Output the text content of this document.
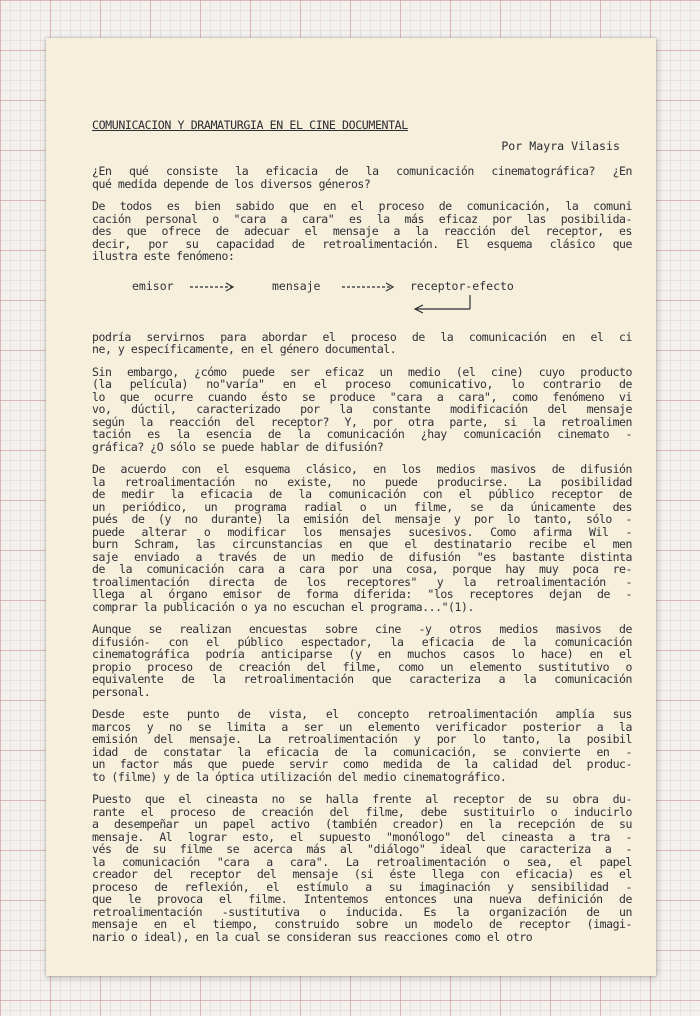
COMUNICACION Y DRAMATURGIA EN EL CINE DOCUMENTAL
Por Mayra Vilasis
¿En qué consiste la eficacia de la comunicación cinematográfica? ¿En
qué medida depende de los diversos géneros?
De todos es bien sabido que en el proceso de comunicación, la comuni
cación personal o "cara a cara" es la más eficaz por las posibilida-
des que ofrece de adecuar el mensaje a la reacción del receptor, es
decir, por su capacidad de retroalimentación. El esquema clásico que
ilustra este fenómeno:
emisor	mensaje	receptor-efecto
podría servirnos para abordar el proceso de la comunicación en el ci
ne, y específicamente, en el género documental.
Sin embargo, ¿cómo puede ser eficaz un medio (el cine) cuyo producto
(la película) no"varía" en el proceso comunicativo, lo contrario de
lo que ocurre cuando ésto se produce "cara a cara", como fenómeno vi
vo, dúctil, caracterizado por la constante modificación del mensaje
según la reacción del receptor? Y, por otra parte, si la retroalimen
tación es la esencia de la comunicación ¿hay comunicación cinemato -
gráfica? ¿O sólo se puede hablar de difusión?
De acuerdo con el esquema clásico, en los medios masivos de difusión
la retroalimentación no existe, no puede producirse. La posibilidad
de medir la eficacia de la comunicación con el público receptor de
un periódico, un programa radial o un filme, se da únicamente des
pués de (y no durante) la emisión del mensaje y por lo tanto, sólo -
puede alterar o modificar los mensajes sucesivos. Como afirma Wil -
burn Schram, las circunstancias en que el destinatario recibe el men
saje enviado a través de un medio de difusión "es bastante distinta
de la comunicación cara a cara por una cosa, porque hay muy poca re-
troalimentación directa de los receptores" y la retroalimentación -
llega al órgano emisor de forma diferida: "los receptores dejan de -
comprar la publicación o ya no escuchan el programa..."(1).
Aunque se realizan encuestas sobre cine -y otros medios masivos de
difusión- con el público espectador, la eficacia de la comunicación
cinematográfica podría anticiparse (y en muchos casos lo hace) en el
propio proceso de creación del filme, como un elemento sustitutivo o
equivalente de la retroalimentación que caracteriza a la comunicación
personal.
Desde este punto de vista, el concepto retroalimentación amplía sus
marcos y no se limita a ser un elemento verificador posterior a la
emisión del mensaje. La retroalimentación y por lo tanto, la posibil
idad de constatar la eficacia de la comunicación, se convierte en -
un factor más que puede servir como medida de la calidad del produc-
to (filme) y de la óptica utilización del medio cinematográfico.
Puesto que el cineasta no se halla frente al receptor de su obra du-
rante el proceso de creación del filme, debe sustituirlo o inducirlo
a desempeñar un papel activo (también creador) en la recepción de su
mensaje. Al lograr esto, el supuesto "monólogo" del cineasta a tra -
vés de su filme se acerca más al "diálogo" ideal que caracteriza a -
la comunicación "cara a cara". La retroalimentación o sea, el papel
creador del receptor del mensaje (si éste llega con eficacia) es el
proceso de reflexión, el estímulo a su imaginación y sensibilidad -
que le provoca el filme. Intentemos entonces una nueva definición de
retroalimentación -sustitutiva o inducida. Es la organización de un
mensaje en el tiempo, construido sobre un modelo de receptor (imagi-
nario o ideal), en la cual se consideran sus reacciones como el otro
